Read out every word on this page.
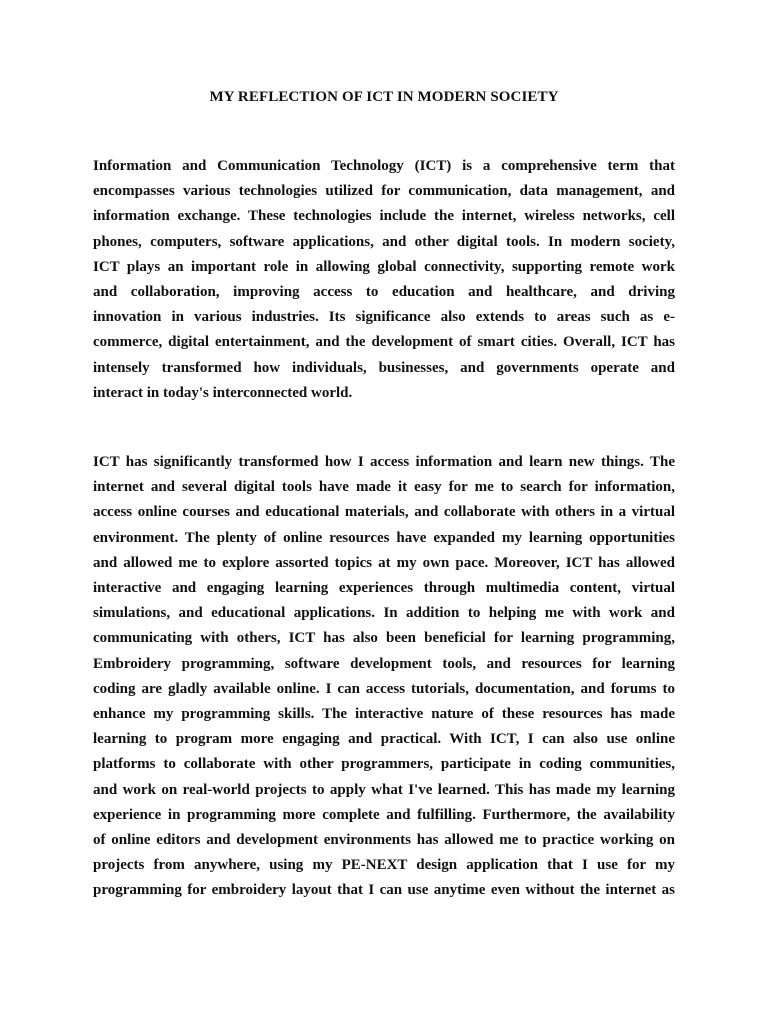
MY REFLECTION OF ICT IN MODERN SOCIETY
Information and Communication Technology (ICT) is a comprehensive term that
encompasses various technologies utilized for communication, data management, and
information exchange. These technologies include the internet, wireless networks, cell
phones, computers, software applications, and other digital tools. In modern society,
ICT plays an important role in allowing global connectivity, supporting remote work
and collaboration, improving access to education and healthcare, and driving
innovation in various industries. Its significance also extends to areas such as e-
commerce, digital entertainment, and the development of smart cities. Overall, ICT has
intensely transformed how individuals, businesses, and governments operate and
interact in today's interconnected world.
ICT has significantly transformed how I access information and learn new things. The
internet and several digital tools have made it easy for me to search for information,
access online courses and educational materials, and collaborate with others in a virtual
environment. The plenty of online resources have expanded my learning opportunities
and allowed me to explore assorted topics at my own pace. Moreover, ICT has allowed
interactive and engaging learning experiences through multimedia content, virtual
simulations, and educational applications. In addition to helping me with work and
communicating with others, ICT has also been beneficial for learning programming,
Embroidery programming, software development tools, and resources for learning
coding are gladly available online. I can access tutorials, documentation, and forums to
enhance my programming skills. The interactive nature of these resources has made
learning to program more engaging and practical. With ICT, I can also use online
platforms to collaborate with other programmers, participate in coding communities,
and work on real-world projects to apply what I've learned. This has made my learning
experience in programming more complete and fulfilling. Furthermore, the availability
of online editors and development environments has allowed me to practice working on
projects from anywhere, using my PE-NEXT design application that I use for my
programming for embroidery layout that I can use anytime even without the internet as
